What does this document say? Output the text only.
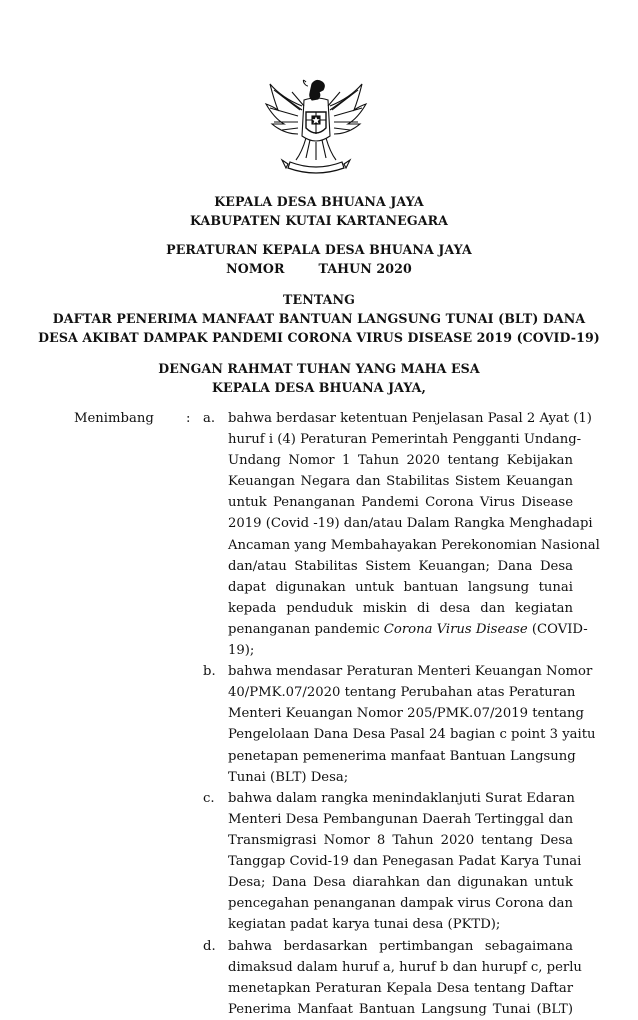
KEPALA DESA BHUANA JAYA
KABUPATEN KUTAI KARTANEGARA
PERATURAN KEPALA DESA BHUANA JAYA
NOMOR	TAHUN 2020
TENTANG
DAFTAR PENERIMA MANFAAT BANTUAN LANGSUNG TUNAI (BLT) DANA
DESA AKIBAT DAMPAK PANDEMI CORONA VIRUS DISEASE 2019 (COVID-19)
DENGAN RAHMAT TUHAN YANG MAHA ESA
KEPALA DESA BHUANA JAYA,
Menimbang : a. bahwa berdasar ketentuan Penjelasan Pasal 2 Ayat (1)
huruf i (4) Peraturan Pemerintah Pengganti Undang-
Undang Nomor 1 Tahun 2020 tentang Kebijakan
Keuangan Negara dan Stabilitas Sistem Keuangan
untuk Penanganan Pandemi Corona Virus Disease
2019 (Covid -19) dan/atau Dalam Rangka Menghadapi
Ancaman yang Membahayakan Perekonomian Nasional
dan/atau Stabilitas Sistem Keuangan; Dana Desa
dapat digunakan untuk bantuan langsung tunai
kepada penduduk miskin di desa dan kegiatan
penanganan pandemic Corona Virus Disease (COVID-
19);
b. bahwa mendasar Peraturan Menteri Keuangan Nomor
40/PMK.07/2020 tentang Perubahan atas Peraturan
Menteri Keuangan Nomor 205/PMK.07/2019 tentang
Pengelolaan Dana Desa Pasal 24 bagian c point 3 yaitu
penetapan pemenerima manfaat Bantuan Langsung
Tunai (BLT) Desa;
c. bahwa dalam rangka menindaklanjuti Surat Edaran
Menteri Desa Pembangunan Daerah Tertinggal dan
Transmigrasi Nomor 8 Tahun 2020 tentang Desa
Tanggap Covid-19 dan Penegasan Padat Karya Tunai
Desa; Dana Desa diarahkan dan digunakan untuk
pencegahan penanganan dampak virus Corona dan
kegiatan padat karya tunai desa (PKTD);
d. bahwa berdasarkan pertimbangan sebagaimana
dimaksud dalam huruf a, huruf b dan hurupf c, perlu
menetapkan Peraturan Kepala Desa tentang Daftar
Penerima Manfaat Bantuan Langsung Tunai (BLT)
